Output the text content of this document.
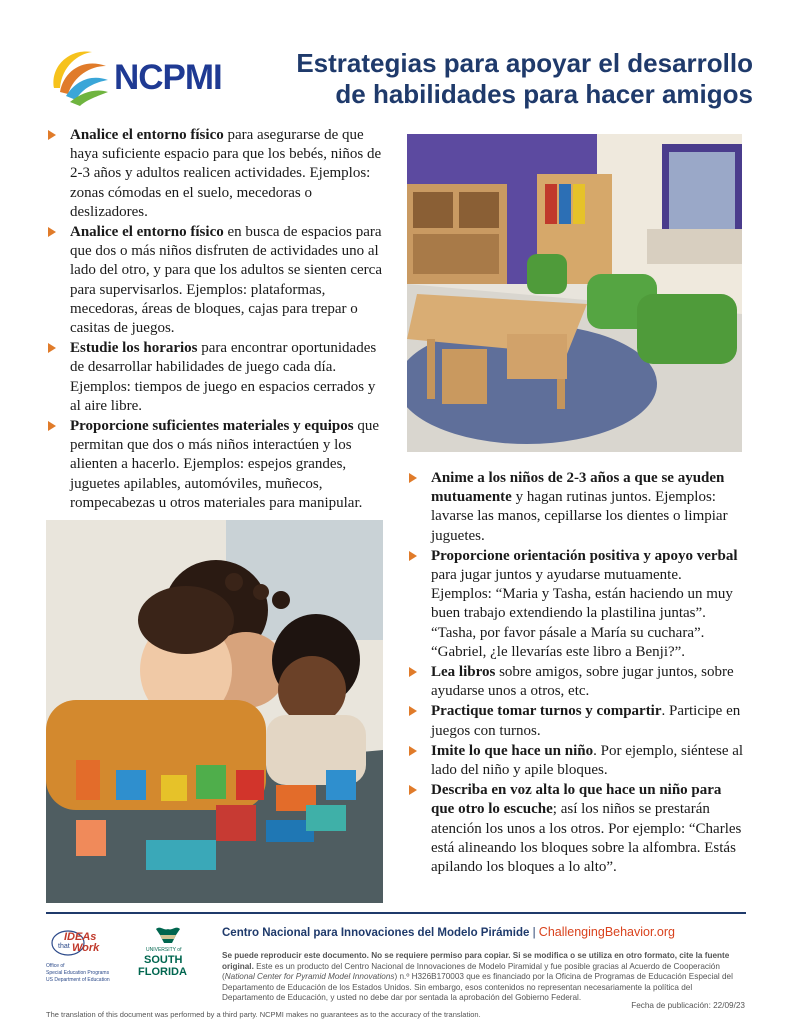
NCPMI	Estrategias para apoyar el desarrollo
de habilidades para hacer amigos
Analice el entorno físico para asegurarse de que haya suficiente espacio para que los bebés, niños de 2-3 años y adultos realicen actividades. Ejemplos: zonas cómodas en el suelo, mecedoras o deslizadores.
Analice el entorno físico en busca de espacios para que dos o más niños disfruten de actividades uno al lado del otro, y para que los adultos se sienten cerca para supervisarlos. Ejemplos: plataformas, mecedoras, áreas de bloques, cajas para trepar o casitas de juegos.
Estudie los horarios para encontrar oportunidades de desarrollar habilidades de juego cada día. Ejemplos: tiempos de juego en espacios cerrados y al aire libre.
Proporcione suficientes materiales y equipos que permitan que dos o más niños interactúen y los alienten a hacerlo. Ejemplos: espejos grandes, juguetes apilables, automóviles, muñecos, rompecabezas u otros materiales para manipular.
Anime a los niños de 2-3 años a que se ayuden mutuamente y hagan rutinas juntos. Ejemplos: lavarse las manos, cepillarse los dientes o limpiar juguetes.
Proporcione orientación positiva y apoyo verbal para jugar juntos y ayudarse mutuamente. Ejemplos: “Maria y Tasha, están haciendo un muy buen trabajo extendiendo la plastilina juntas”. “Tasha, por favor pásale a María su cuchara”. “Gabriel, ¿le llevarías este libro a Benji?”.
Lea libros sobre amigos, sobre jugar juntos, sobre ayudarse unos a otros, etc.
Practique tomar turnos y compartir. Participe en juegos con turnos.
Imite lo que hace un niño. Por ejemplo, siéntese al lado del niño y apile bloques.
Describa en voz alta lo que hace un niño para que otro lo escuche; así los niños se prestarán atención los unos a los otros. Por ejemplo: “Charles está alineando los bloques sobre la alfombra. Estás apilando los bloques a lo alto”.
IDEAs
that Work
Office of
Special Education Programs
US Department of Education
UNIVERSITY of
SOUTH
FLORIDA
Centro Nacional para Innovaciones del Modelo Pirámide | ChallengingBehavior.org
Se puede reproducir este documento. No se requiere permiso para copiar. Si se modifica o se utiliza en otro formato, cite la fuente original. Este es un producto del Centro Nacional de Innovaciones de Modelo Piramidal y fue posible gracias al Acuerdo de Cooperación (National Center for Pyramid Model Innovations) n.º H326B170003 que es financiado por la Oficina de Programas de Educación Especial del Departamento de Educación de los Estados Unidos. Sin embargo, esos contenidos no representan necesariamente la política del Departamento de Educación, y usted no debe dar por sentada la aprobación del Gobierno Federal.
Fecha de publicación: 22/09/23
The translation of this document was performed by a third party. NCPMI makes no guarantees as to the accuracy of the translation.
